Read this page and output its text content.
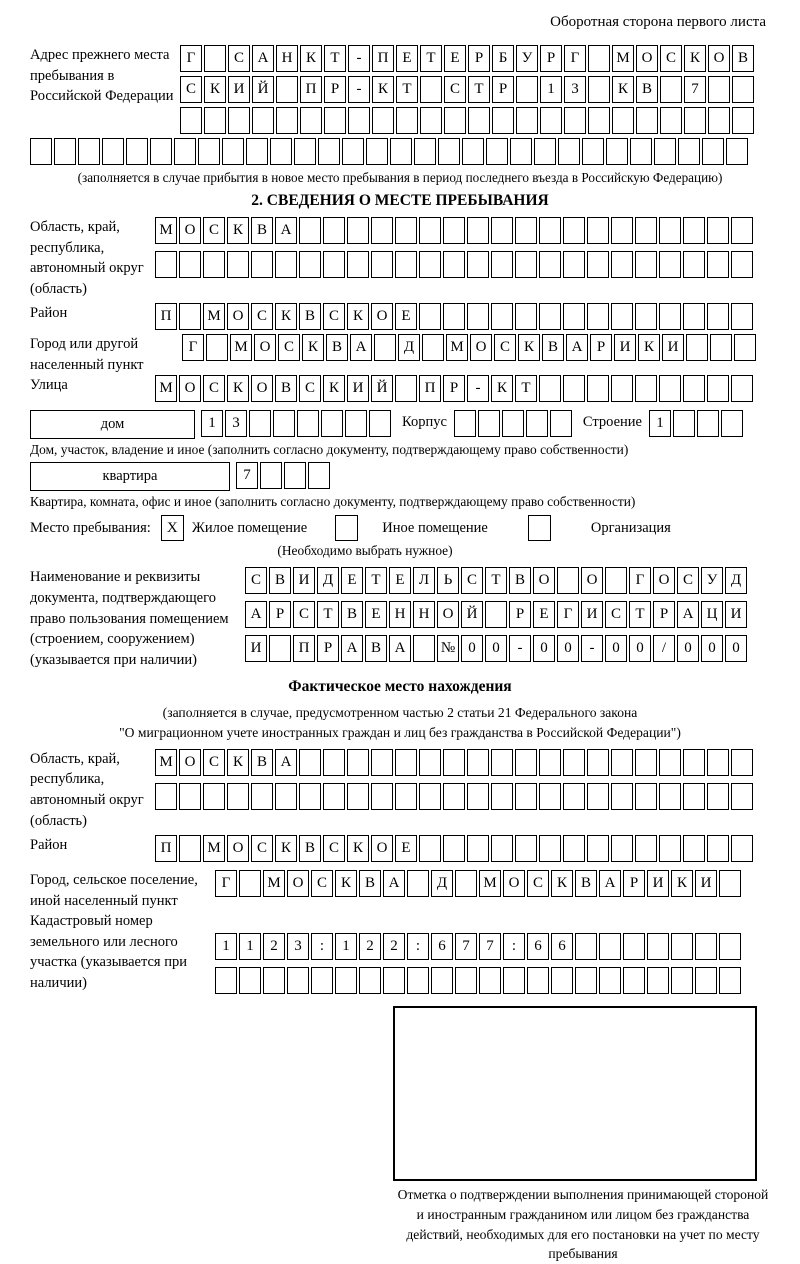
Оборотная сторона первого листа
Адрес прежнего места пребывания в Российской Федерации
Г	С А Н К Т	-	П Е Т Е	Р	Б У Р	Г	М О С К О В
С К И Й	П Р	-	К Т	С Т	Р	1	3	К В	7
(заполняется в случае прибытия в новое место пребывания в период последнего въезда в Российскую Федерацию)
2. СВЕДЕНИЯ О МЕСТЕ ПРЕБЫВАНИЯ
Область, край, республика, автономный округ (область)
М О С К В А
Район	П	М О С К В С К О Е
Город или другой населенный пункт
Г	М О С К В А	Д	М О С К В А Р И К И
Улица	М О С К О В С К И Й	П Р	-	К Т
дом	1	3	Корпус	Строение 1
Дом, участок, владение и иное (заполнить согласно документу, подтверждающему право собственности)
квартира	7
Квартира, комната, офис и иное (заполнить согласно документу, подтверждающему право собственности)
Место пребывания:	X Жилое помещение	Иное помещение	Организация
(Необходимо выбрать нужное)
Наименование и реквизиты документа, подтверждающего право пользования помещением (строением, сооружением) (указывается при наличии)
С В И Д Е Т Е Л Ь С Т В О	О	Г О С У Д
А Р С Т В Е Н Н О Й	Р	Е	Г И С Т	Р А Ц И
И	П Р А В А	№ 0	0	-	0	0	-	0	0	/	0	0	0
Фактическое место нахождения
(заполняется в случае, предусмотренном частью 2 статьи 21 Федерального закона
"О миграционном учете иностранных граждан и лиц без гражданства в Российской Федерации")
Область, край, республика, автономный округ (область)
М О С К В А
Район	П	М О С К В С К О Е
Город, сельское поселение, иной населенный пункт
Г	М О С К В А	Д	М О С К В А Р И К И
Кадастровый номер земельного или лесного участка (указывается при наличии)
1	1	2	3	:	1	2	2	:	6	7	7	:	6	6
Отметка о подтверждении выполнения принимающей стороной и иностранным гражданином или лицом без гражданства действий, необходимых для его постановки на учет по месту пребывания
